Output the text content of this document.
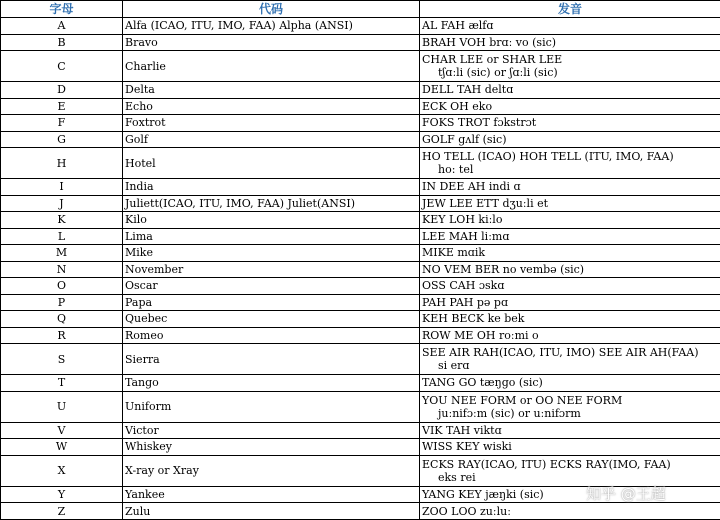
字母	代码	发音
A	Alfa (ICAO, ITU, IMO, FAA) Alpha (ANSI)	AL FAH ælfɑ

B	Bravo	BRAH VOH brɑː vo (sic)

C	Charlie	CHAR LEE or SHAR LEE
tʃɑːli (sic) or ʃɑːli (sic)

D	Delta	DELL TAH deltɑ

E	Echo	ECK OH eko

F	Foxtrot	FOKS TROT fɔkstrɔt

G	Golf	GOLF gʌlf (sic)

H	Hotel	HO TELL (ICAO) HOH TELL (ITU, IMO, FAA)
ho: tel

I	India	IN DEE AH indi ɑ

J	Juliett(ICAO, ITU, IMO, FAA) Juliet(ANSI)	JEW LEE ETT dʒuːli et

K	Kilo	KEY LOH kiːlo

L	Lima	LEE MAH liːmɑ

M	Mike	MIKE mɑik

N	November	NO VEM BER no vembə (sic)

O	Oscar	OSS CAH ɔskɑ

P	Papa	PAH PAH pə pɑ

Q	Quebec	KEH BECK ke bek

R	Romeo	ROW ME OH roːmi o

S	Sierra	SEE AIR RAH(ICAO, ITU, IMO) SEE AIR AH(FAA)
si erɑ

T	Tango	TANG GO tæŋgo (sic)

U	Uniform	YOU NEE FORM or OO NEE FORM
juːnifɔːm (sic) or uːnifɔrm

V	Victor	VIK TAH viktɑ

W	Whiskey	WISS KEY wiski

X	X-ray or Xray	ECKS RAY(ICAO, ITU) ECKS RAY(IMO, FAA)
eks rei

Y	Yankee	YANG KEY jæŋki (sic)

Z	Zulu	ZOO LOO zuːluː
知乎 @王超
